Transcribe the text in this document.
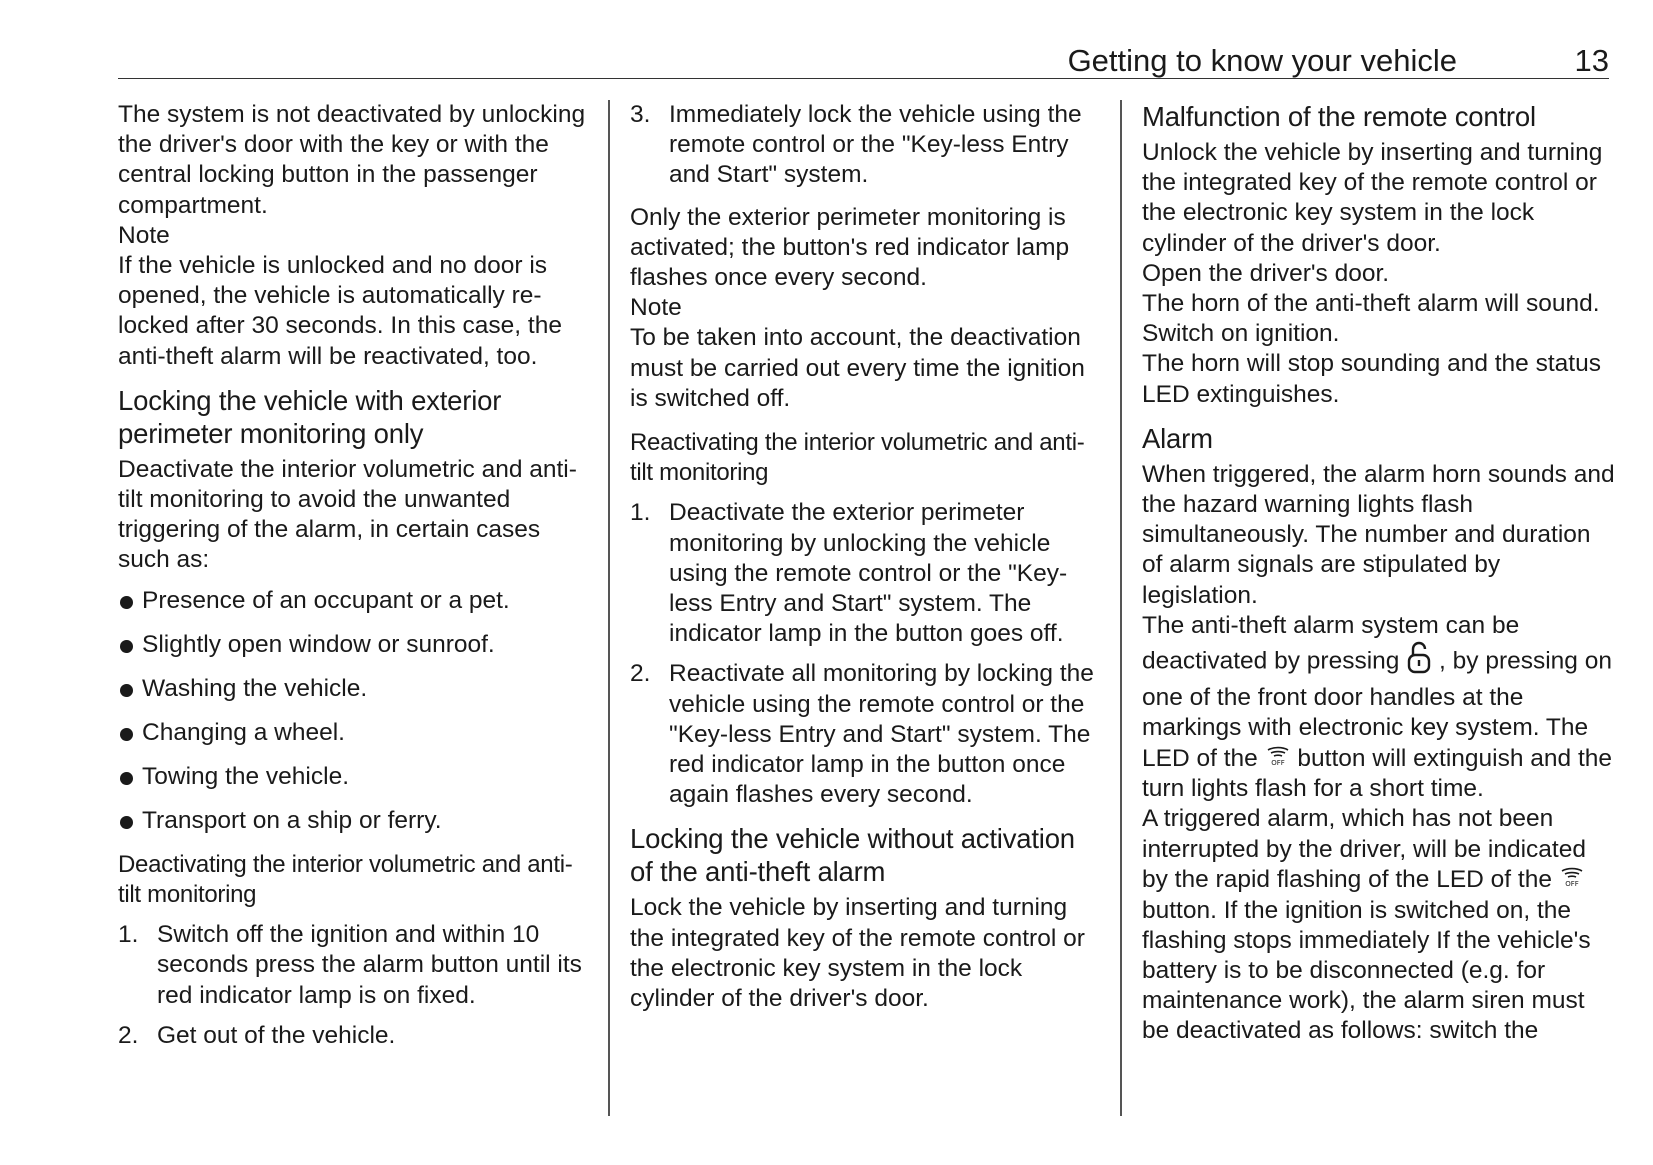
Getting to know your vehicle	13

The system is not deactivated by unlocking the driver's door with the key or with the central locking button in the passenger compartment.

Note

If the vehicle is unlocked and no door is opened, the vehicle is automatically re-locked after 30 seconds. In this case, the anti-theft alarm will be reactivated, too.

Locking the vehicle with exterior perimeter monitoring only

Deactivate the interior volumetric and anti-tilt monitoring to avoid the unwanted triggering of the alarm, in certain cases such as:

Presence of an occupant or a pet.
Slightly open window or sunroof.
Washing the vehicle.
Changing a wheel.
Towing the vehicle.
Transport on a ship or ferry.
Deactivating the interior volumetric and anti-tilt monitoring
1. Switch off the ignition and within 10 seconds press the alarm button until its red indicator lamp is on fixed.
2. Get out of the vehicle.
3. Immediately lock the vehicle using the remote control or the "Key-less Entry and Start" system.

Only the exterior perimeter monitoring is activated; the button's red indicator lamp flashes once every second.

Note

To be taken into account, the deactivation must be carried out every time the ignition is switched off.

Reactivating the interior volumetric and anti-tilt monitoring
1. Deactivate the exterior perimeter monitoring by unlocking the vehicle using the remote control or the "Key-less Entry and Start" system. The indicator lamp in the button goes off.
2. Reactivate all monitoring by locking the vehicle using the remote control or the "Key-less Entry and Start" system. The red indicator lamp in the button once again flashes every second.
Locking the vehicle without activation of the anti-theft alarm

Lock the vehicle by inserting and turning the integrated key of the remote control or the electronic key system in the lock cylinder of the driver's door.

Malfunction of the remote control

Unlock the vehicle by inserting and turning the integrated key of the remote control or the electronic key system in the lock cylinder of the driver's door.

Open the driver's door.

The horn of the anti-theft alarm will sound.

Switch on ignition.

The horn will stop sounding and the status LED extinguishes.

Alarm

When triggered, the alarm horn sounds and the hazard warning lights flash simultaneously. The number and duration of alarm signals are stipulated by legislation.

The anti-theft alarm system can be deactivated by pressing , by pressing on one of the front door handles at the markings with electronic key system. The LED of the OFF button will extinguish and the turn lights flash for a short time.

A triggered alarm, which has not been interrupted by the driver, will be indicated by the rapid flashing of the LED of the OFF
button. If the ignition is switched on, the flashing stops immediately If the vehicle's battery is to be disconnected (e.g. for maintenance work), the alarm siren must be deactivated as follows: switch the
